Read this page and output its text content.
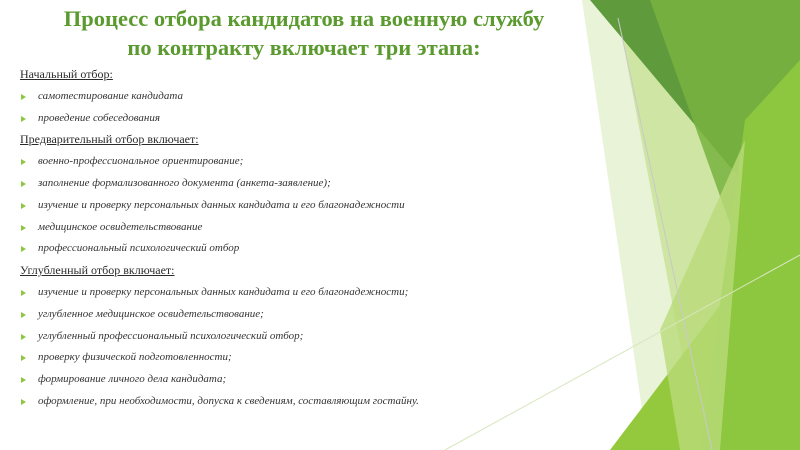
Процесс отбора кандидатов на военную службу
по контракту включает три этапа:
Начальный отбор:
самотестирование кандидата
проведение собеседования
Предварительный отбор включает:
военно-профессиональное ориентирование;
заполнение формализованного документа (анкета-заявление);
изучение и проверку персональных данных кандидата и его благонадежности
медицинское освидетельствование
профессиональный психологический отбор
Углубленный отбор включает:
изучение и проверку персональных данных кандидата и его благонадежности;
углубленное медицинское освидетельствование;
углубленный профессиональный психологический отбор;
проверку физической подготовленности;
формирование личного дела кандидата;
оформление, при необходимости, допуска к сведениям, составляющим гостайну.
